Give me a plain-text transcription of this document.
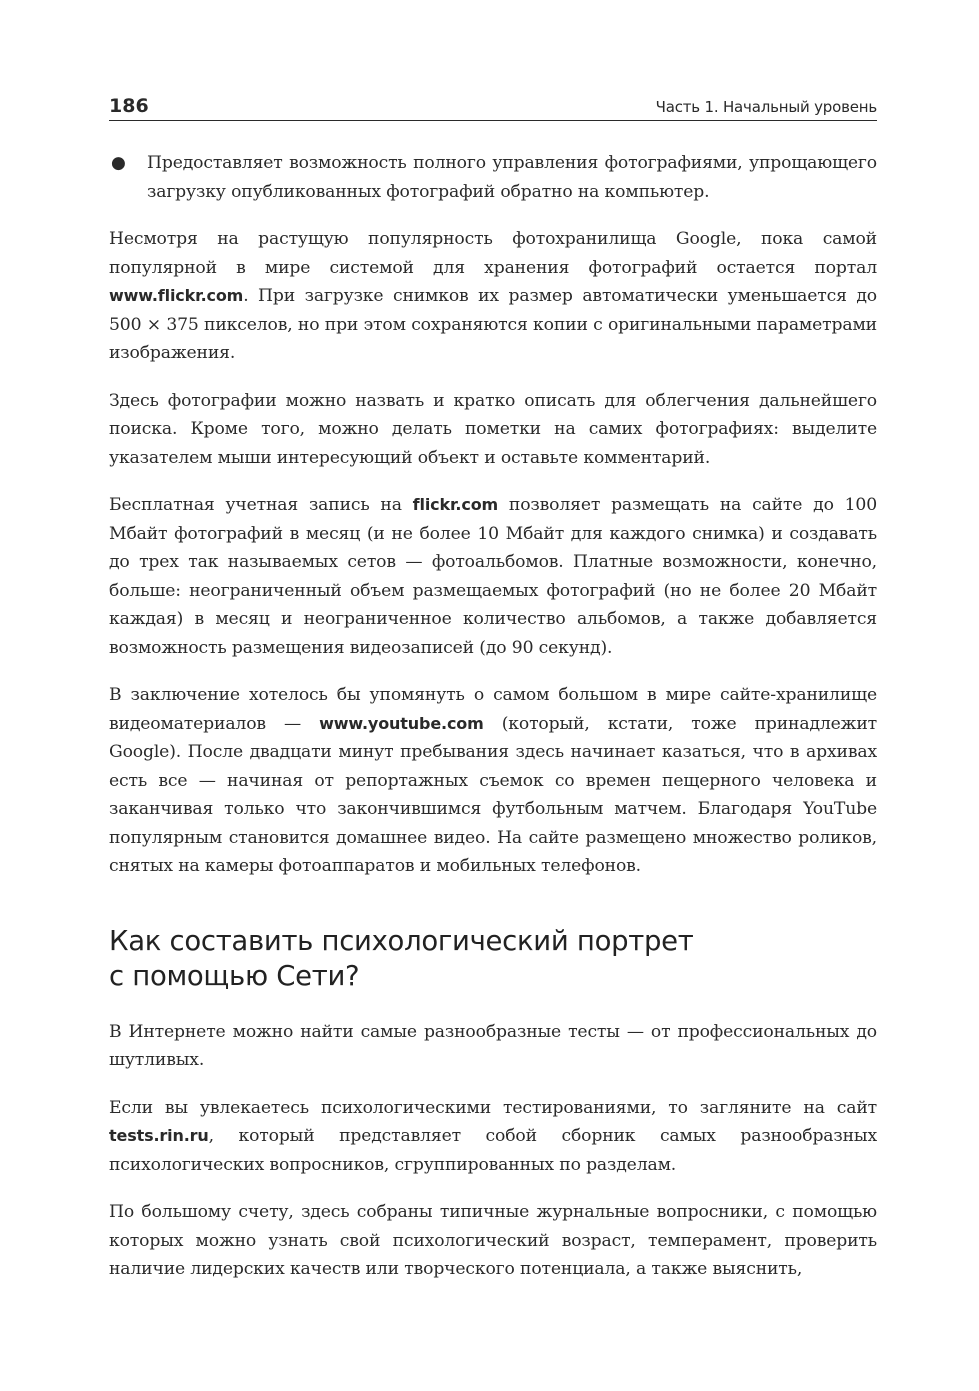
186	Часть 1. Начальный уровень
●	Предоставляет возможность полного управления фотографиями, упрощающего загрузку опубликованных фотографий обратно на компьютер.

Несмотря на растущую популярность фотохранилища Google, пока самой популярной в мире системой для хранения фотографий остается портал www.flickr.com. При загрузке снимков их размер автоматически уменьшается до 500 × 375 пикселов, но при этом сохраняются копии с оригинальными параметрами изображения.

Здесь фотографии можно назвать и кратко описать для облегчения дальнейшего поиска. Кроме того, можно делать пометки на самих фотографиях: выделите указателем мыши интересующий объект и оставьте комментарий.

Бесплатная учетная запись на flickr.com позволяет размещать на сайте до 100 Мбайт фотографий в месяц (и не более 10 Мбайт для каждого снимка) и создавать до трех так называемых сетов — фотоальбомов. Платные возможности, конечно, больше: неограниченный объем размещаемых фотографий (но не более 20 Мбайт каждая) в месяц и неограниченное количество альбомов, а также добавляется возможность размещения видеозаписей (до 90 секунд).

В заключение хотелось бы упомянуть о самом большом в мире сайте-хранилище видеоматериалов — www.youtube.com (который, кстати, тоже принадлежит Google). После двадцати минут пребывания здесь начинает казаться, что в архивах есть все — начиная от репортажных съемок со времен пещерного человека и заканчивая только что закончившимся футбольным матчем. Благодаря YouTube популярным становится домашнее видео. На сайте размещено множество роликов, снятых на камеры фотоаппаратов и мобильных телефонов.

Как составить психологический портрет
с помощью Сети?

В Интернете можно найти самые разнообразные тесты — от профессиональных до шутливых.

Если вы увлекаетесь психологическими тестированиями, то загляните на сайт tests.rin.ru, который представляет собой сборник самых разнообразных психологических вопросников, сгруппированных по разделам.

По большому счету, здесь собраны типичные журнальные вопросники, с помощью которых можно узнать свой психологический возраст, темперамент, проверить наличие лидерских качеств или творческого потенциала, а также выяснить,
